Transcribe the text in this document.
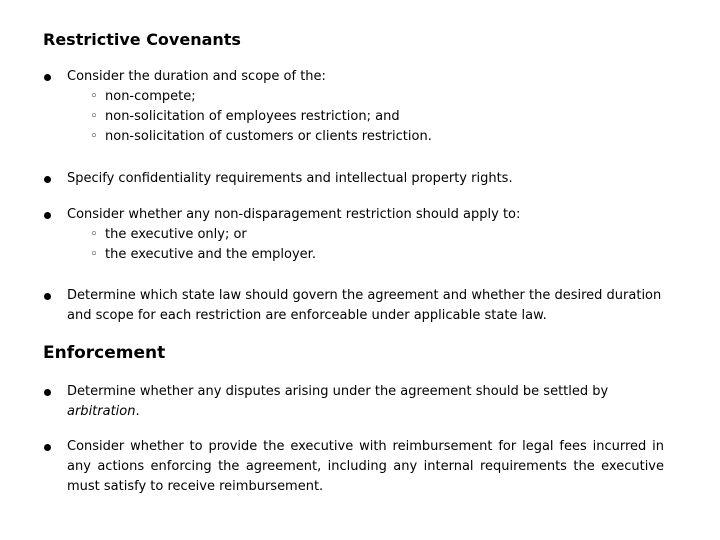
Restrictive Covenants
Consider the duration and scope of the:
◦ non-compete;
◦ non-solicitation of employees restriction; and
◦ non-solicitation of customers or clients restriction.
Specify confidentiality requirements and intellectual property rights.
Consider whether any non-disparagement restriction should apply to:
◦ the executive only; or
◦ the executive and the employer.
Determine which state law should govern the agreement and whether the desired duration
and scope for each restriction are enforceable under applicable state law.
Enforcement
Determine whether any disputes arising under the agreement should be settled by
arbitration.
Consider whether to provide the executive with reimbursement for legal fees incurred in any actions enforcing the agreement, including any internal requirements the executive must satisfy to receive reimbursement.
